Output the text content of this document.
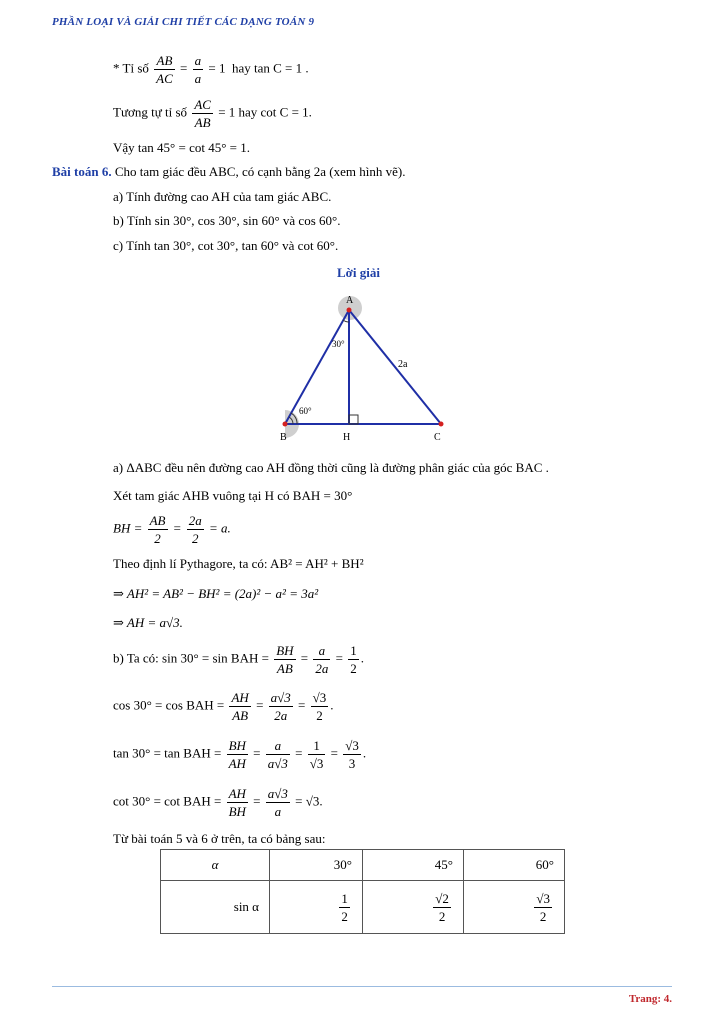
PHẦN LOẠI VÀ GIẢI CHI TIẾT CÁC DẠNG TOÁN 9
* Tỉ số $\frac{AB}{AC} = \frac{a}{a} = 1$  hay tan C = 1 .
Tương tự tỉ số $\frac{AC}{AB} = 1$ hay cot C = 1.
Vậy tan 45° = cot 45° = 1.
Bài toán 6. Cho tam giác đều ABC, có cạnh bằng 2a (xem hình vẽ).
a) Tính đường cao AH của tam giác ABC.
b) Tính sin 30°, cos 30°, sin 60° và cos 60°.
c) Tính tan 30°, cot 30°, tan 60° và cot 60°.
Lời giải
A
B	C
H
30°
60°
2a
a) ΔABC đều nên đường cao AH đồng thời cũng là đường phân giác của góc BAC .
Xét tam giác AHB vuông tại H có BAH = 30°
BH = $\frac{AB}{2} = \frac{2a}{2} = a$.
Theo định lí Pythagore, ta có: AB² = AH² + BH²
⇒ AH² = AB² − BH² = (2a)² − a² = 3a²
⇒ AH = a√3.
b) Ta có: sin 30° = sin BAH = $\frac{BH}{AB} = \frac{a}{2a} = \frac{1}{2}$ .
cos 30° = cos BAH = $\frac{AH}{AB} = \frac{a√3}{2a} = \frac{√3}{2}$ .
tan 30° = tan BAH = $\frac{BH}{AH} = \frac{a}{a√3} = \frac{1}{√3} = \frac{√3}{3}$ .
cot 30° = cot BAH = $\frac{AH}{BH} = \frac{a√3}{a} = √3$.
Từ bài toán 5 và 6 ở trên, ta có bảng sau:
α	30°	45°	60°
sin α	$\frac{1}{2}$	$\frac{√2}{2}$	$\frac{√3}{2}$
Trang: 4.
